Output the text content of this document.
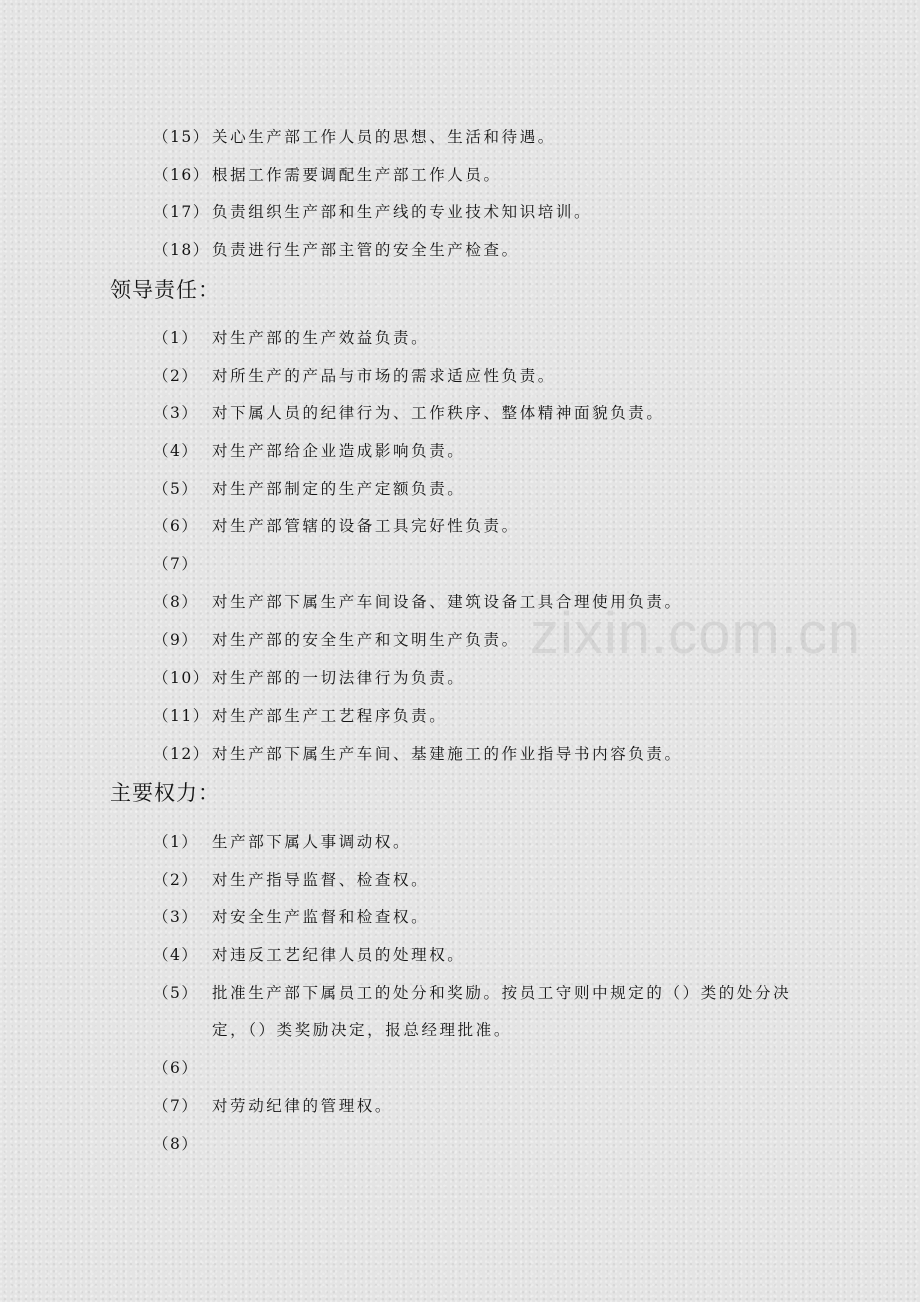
zixin.com.cn
（15） 关心生产部工作人员的思想、生活和待遇。
（16） 根据工作需要调配生产部工作人员。
（17） 负责组织生产部和生产线的专业技术知识培训。
（18） 负责进行生产部主管的安全生产检查。
领导责任：
（1） 对生产部的生产效益负责。
（2） 对所生产的产品与市场的需求适应性负责。
（3） 对下属人员的纪律行为、工作秩序、整体精神面貌负责。
（4） 对生产部给企业造成影响负责。
（5） 对生产部制定的生产定额负责。
（6） 对生产部管辖的设备工具完好性负责。
（7）
（8） 对生产部下属生产车间设备、建筑设备工具合理使用负责。
（9） 对生产部的安全生产和文明生产负责。
（10） 对生产部的一切法律行为负责。
（11） 对生产部生产工艺程序负责。
（12） 对生产部下属生产车间、基建施工的作业指导书内容负责。
主要权力：
（1） 生产部下属人事调动权。
（2） 对生产指导监督、检查权。
（3） 对安全生产监督和检查权。
（4） 对违反工艺纪律人员的处理权。
（5） 批准生产部下属员工的处分和奖励。按员工守则中规定的（）类的处分决
定，（）类奖励决定，报总经理批准。
（6）
（7） 对劳动纪律的管理权。
（8）
